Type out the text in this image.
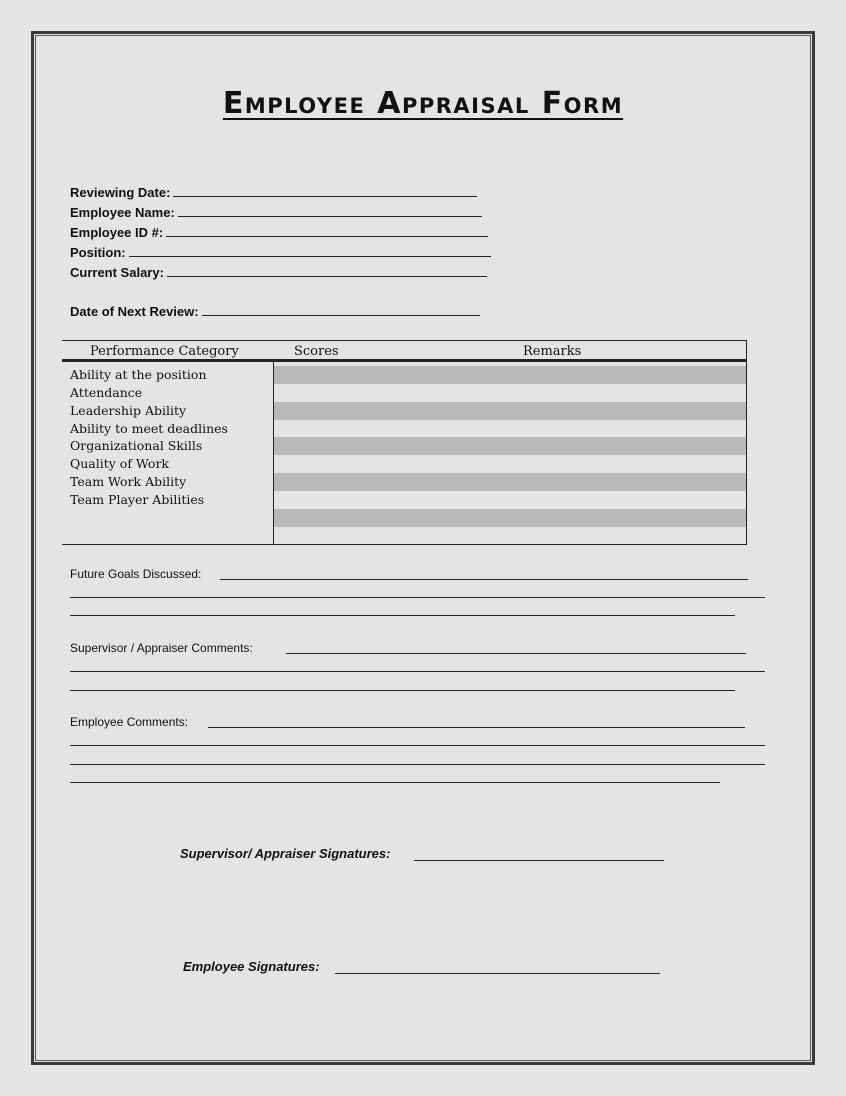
Employee Appraisal Form
Reviewing Date:
Employee Name:
Employee ID #:
Position:
Current Salary:
Date of Next Review:
Performance Category	Scores	Remarks
Ability at the position
Attendance
Leadership Ability
Ability to meet deadlines
Organizational Skills
Quality of Work
Team Work Ability
Team Player Abilities
Future Goals Discussed:
Supervisor / Appraiser Comments:
Employee Comments:
Supervisor/ Appraiser Signatures:
Employee Signatures:
